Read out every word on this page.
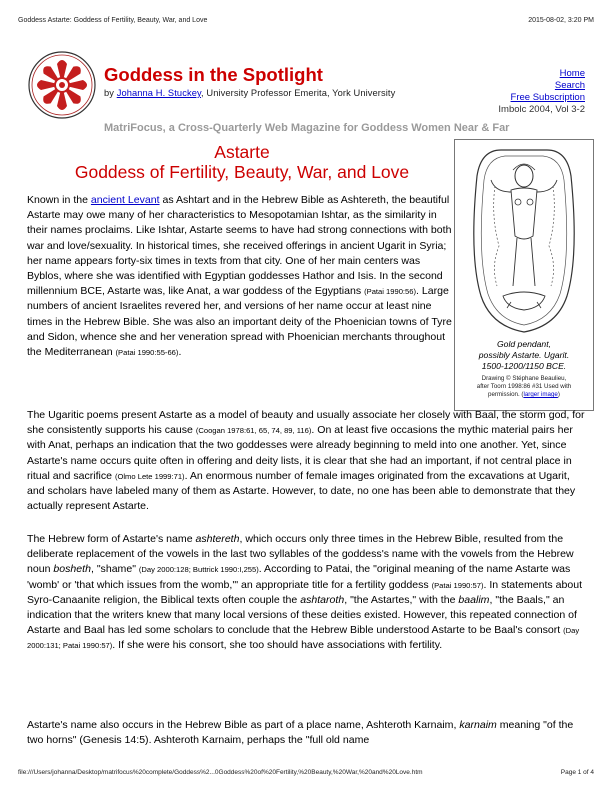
Goddess Astarte: Goddess of Fertility, Beauty, War, and Love	2015-08-02, 3:20 PM
Goddess in the Spotlight
by Johanna H. Stuckey, University Professor Emerita, York University
Home
Search
Free Subscription
Imbolc 2004, Vol 3-2
MatriFocus, a Cross-Quarterly Web Magazine for Goddess Women Near & Far
Astarte
Goddess of Fertility, Beauty, War, and Love
Gold pendant,
possibly Astarte. Ugarit.
1500-1200/1150 BCE.
Drawing © Stéphane Beaulieu,
after Toorn 1998:86 #31 Used with
permission. (larger image)
Known in the ancient Levant as Ashtart and in the Hebrew Bible as Ashtereth, the beautiful Astarte may owe many of her characteristics to Mesopotamian Ishtar, as the similarity in their names proclaims. Like Ishtar, Astarte seems to have had strong connections with both war and love/sexuality. In historical times, she received offerings in ancient Ugarit in Syria; her name appears forty-six times in texts from that city. One of her main centers was Byblos, where she was identified with Egyptian goddesses Hathor and Isis. In the second millennium BCE, Astarte was, like Anat, a war goddess of the Egyptians (Patai 1990:56). Large numbers of ancient Israelites revered her, and versions of her name occur at least nine times in the Hebrew Bible. She was also an important deity of the Phoenician towns of Tyre and Sidon, whence she and her veneration spread with Phoenician merchants throughout the Mediterranean (Patai 1990:55-66).
The Ugaritic poems present Astarte as a model of beauty and usually associate her closely with Baal, the storm god, for she consistently supports his cause (Coogan 1978:61, 65, 74, 89, 116). On at least five occasions the mythic material pairs her with Anat, perhaps an indication that the two goddesses were already beginning to meld into one another. Yet, since Astarte's name occurs quite often in offering and deity lists, it is clear that she had an important, if not central place in ritual and sacrifice (Olmo Lete 1999:71). An enormous number of female images originated from the excavations at Ugarit, and scholars have labeled many of them as Astarte. However, to date, no one has been able to demonstrate that they actually represent Astarte.
The Hebrew form of Astarte's name ashtereth, which occurs only three times in the Hebrew Bible, resulted from the deliberate replacement of the vowels in the last two syllables of the goddess's name with the vowels from the Hebrew noun bosheth, "shame" (Day 2000:128; Buttrick 1990:I,255). According to Patai, the "original meaning of the name Astarte was 'womb' or 'that which issues from the womb,'" an appropriate title for a fertility goddess (Patai 1990:57). In statements about Syro-Canaanite religion, the Biblical texts often couple the ashtaroth, "the Astartes," with the baalim, "the Baals," an indication that the writers knew that many local versions of these deities existed. However, this repeated connection of Astarte and Baal has led some scholars to conclude that the Hebrew Bible understood Astarte to be Baal's consort (Day 2000:131; Patai 1990:57). If she were his consort, she too should have associations with fertility.
Astarte's name also occurs in the Hebrew Bible as part of a place name, Ashteroth Karnaim, karnaim meaning "of the two horns" (Genesis 14:5). Ashteroth Karnaim, perhaps the "full old name
file:///Users/johanna/Desktop/matrifocus%20complete/Goddess%2...0Goddess%20of%20Fertility,%20Beauty,%20War,%20and%20Love.htm	Page 1 of 4
